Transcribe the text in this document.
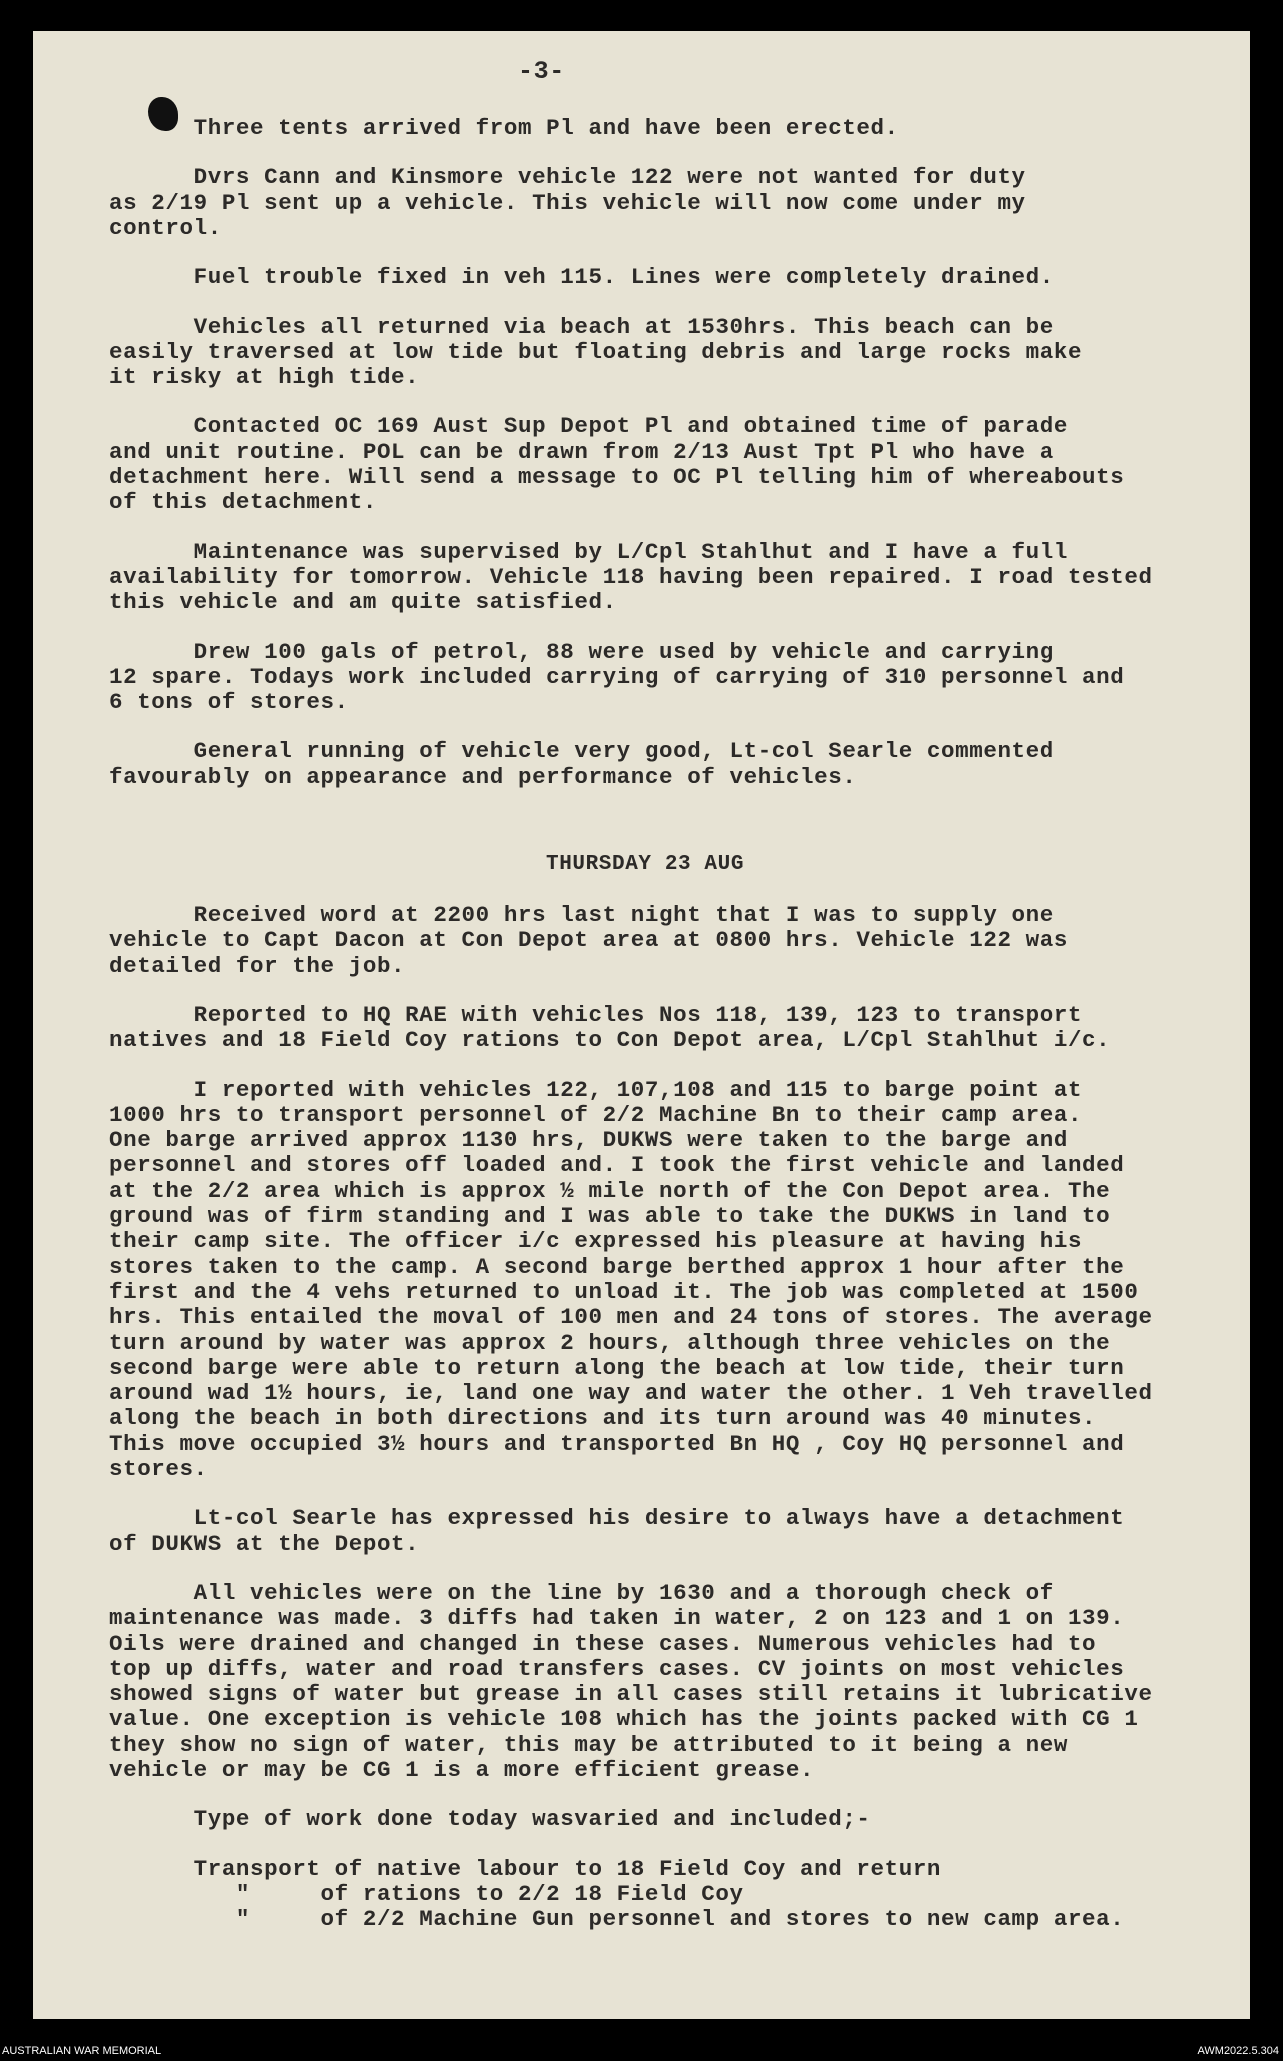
-3-
Three tents arrived from Pl and have been erected.
Dvrs Cann and Kinsmore vehicle 122 were not wanted for duty
as 2/19 Pl sent up a vehicle. This vehicle will now come under my
control.
Fuel trouble fixed in veh 115. Lines were completely drained.
Vehicles all returned via beach at 1530hrs. This beach can be
easily traversed at low tide but floating debris and large rocks make
it risky at high tide.
Contacted OC 169 Aust Sup Depot Pl and obtained time of parade
and unit routine. POL can be drawn from 2/13 Aust Tpt Pl who have a
detachment here. Will send a message to OC Pl telling him of whereabouts
of this detachment.
Maintenance was supervised by L/Cpl Stahlhut and I have a full
availability for tomorrow. Vehicle 118 having been repaired. I road tested
this vehicle and am quite satisfied.
Drew 100 gals of petrol, 88 were used by vehicle and carrying
12 spare. Todays work included carrying of carrying of 310 personnel and
6 tons of stores.
General running of vehicle very good, Lt-col Searle commented
favourably on appearance and performance of vehicles.
THURSDAY 23 AUG
Received word at 2200 hrs last night that I was to supply one
vehicle to Capt Dacon at Con Depot area at 0800 hrs. Vehicle 122 was
detailed for the job.
Reported to HQ RAE with vehicles Nos 118, 139, 123 to transport
natives and 18 Field Coy rations to Con Depot area, L/Cpl Stahlhut i/c.
I reported with vehicles 122, 107,108 and 115 to barge point at
1000 hrs to transport personnel of 2/2 Machine Bn to their camp area.
One barge arrived approx 1130 hrs, DUKWS were taken to the barge and
personnel and stores off loaded and. I took the first vehicle and landed
at the 2/2 area which is approx ½ mile north of the Con Depot area. The
ground was of firm standing and I was able to take the DUKWS in land to
their camp site. The officer i/c expressed his pleasure at having his
stores taken to the camp. A second barge berthed approx 1 hour after the
first and the 4 vehs returned to unload it. The job was completed at 1500
hrs. This entailed the moval of 100 men and 24 tons of stores. The average
turn around by water was approx 2 hours, although three vehicles on the
second barge were able to return along the beach at low tide, their turn
around wad 1½ hours, ie, land one way and water the other. 1 Veh travelled
along the beach in both directions and its turn around was 40 minutes.
This move occupied 3½ hours and transported Bn HQ , Coy HQ personnel and
stores.
Lt-col Searle has expressed his desire to always have a detachment
of DUKWS at the Depot.
All vehicles were on the line by 1630 and a thorough check of
maintenance was made. 3 diffs had taken in water, 2 on 123 and 1 on 139.
Oils were drained and changed in these cases. Numerous vehicles had to
top up diffs, water and road transfers cases. CV joints on most vehicles
showed signs of water but grease in all cases still retains it lubricative
value. One exception is vehicle 108 which has the joints packed with CG 1
they show no sign of water, this may be attributed to it being a new
vehicle or may be CG 1 is a more efficient grease.
Type of work done today wasvaried and included;-
Transport of native labour to 18 Field Coy and return
"     of rations to 2/2 18 Field Coy
"     of 2/2 Machine Gun personnel and stores to new camp area.
AUSTRALIAN WAR MEMORIAL	AWM2022.5.304
